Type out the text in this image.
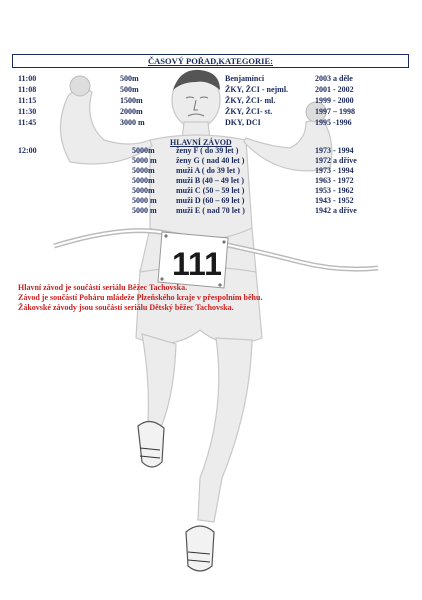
111
ČASOVÝ POŘAD,KATEGORIE:
11:00	500m	Benjamínci	2003 a děle
11:08	500m	ŽKY, ŽCI - nejml.	2001 - 2002
11:15	1500m	ŽKY, ŽCI- ml.	1999 - 2000
11:30	2000m	ŽKY, ŽCI- st.	1997 – 1998
11:45	3000 m	DKY, DCI	1995 -1996
HLAVNÍ ZÁVOD
12:00	5000m	ženy F ( do 39 let )	1973 - 1994
5000 m ženy G ( nad 40 let )	1972 a dříve
5000m	muži A ( do 39 let )	1973 - 1994
5000m	muži B (40 – 49 let )	1963 - 1972
5000m	muži C (50 – 59 let )	1953 - 1962
5000 m muži D (60 – 69 let )	1943 - 1952
5000 m muži E ( nad 70 let )	1942 a dříve
Hlavní závod je součástí seriálu Běžec Tachovska.
Závod je součástí Poháru mládeže Plzeňského kraje v přespolním běhu.
Žákovské závody jsou součástí seriálu Dětský běžec Tachovska.
